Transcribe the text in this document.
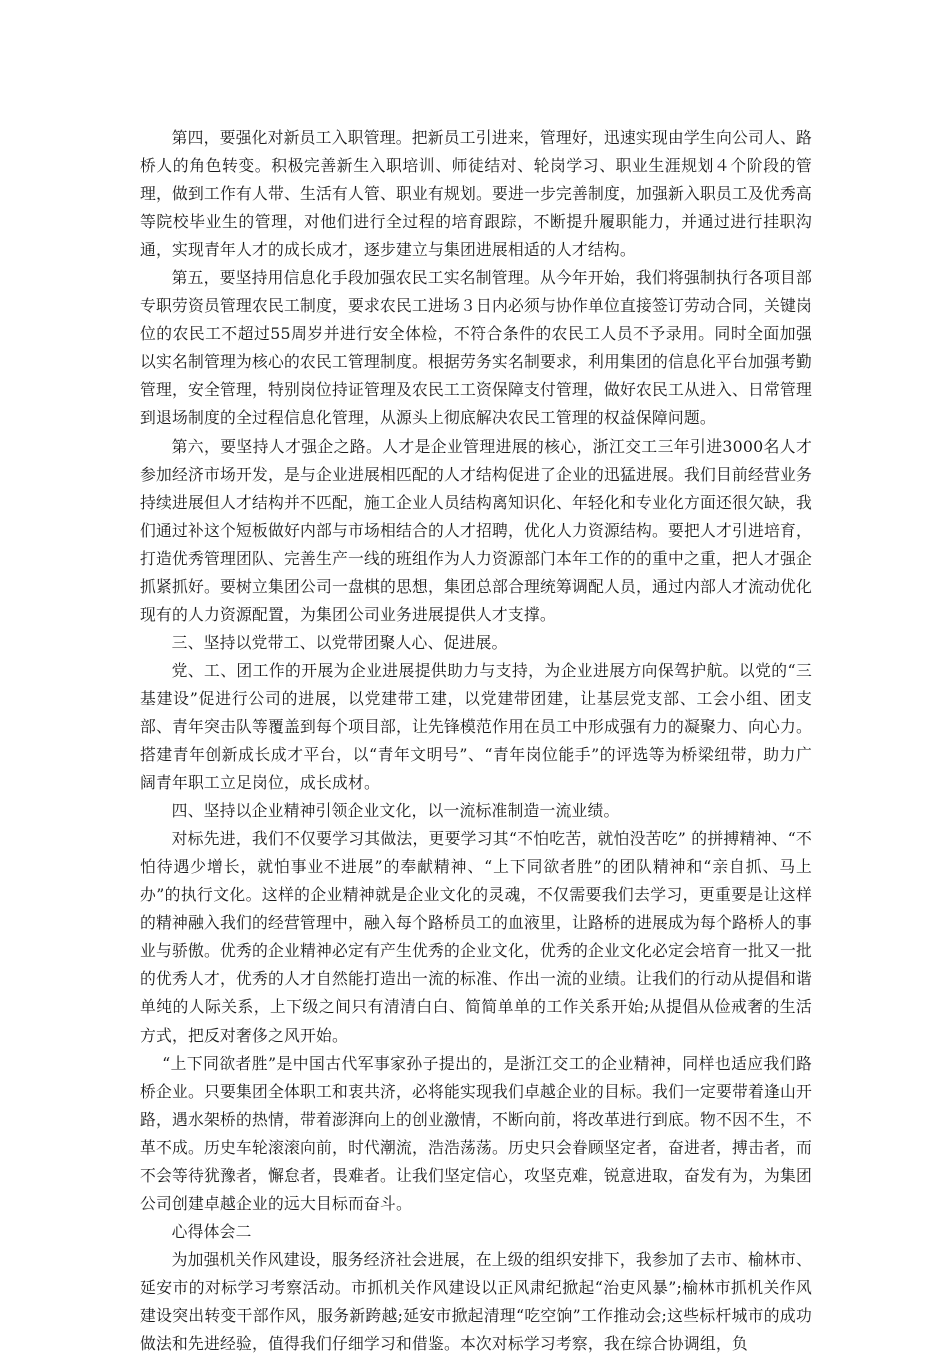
第四，要强化对新员工入职管理。把新员工引进来，管理好，迅速实现由学生向公司人、路桥人的角色转变。积极完善新生入职培训、师徒结对、轮岗学习、职业生涯规划４个阶段的管理，做到工作有人带、生活有人管、职业有规划。要进一步完善制度，加强新入职员工及优秀高等院校毕业生的管理，对他们进行全过程的培育跟踪，不断提升履职能力，并通过进行挂职沟通，实现青年人才的成长成才，逐步建立与集团进展相适的人才结构。

第五，要坚持用信息化手段加强农民工实名制管理。从今年开始，我们将强制执行各项目部专职劳资员管理农民工制度，要求农民工进场３日内必须与协作单位直接签订劳动合同，关键岗位的农民工不超过55周岁并进行安全体检，不符合条件的农民工人员不予录用。同时全面加强以实名制管理为核心的农民工管理制度。根据劳务实名制要求，利用集团的信息化平台加强考勤管理，安全管理，特别岗位持证管理及农民工工资保障支付管理，做好农民工从进入、日常管理到退场制度的全过程信息化管理，从源头上彻底解决农民工管理的权益保障问题。

第六，要坚持人才强企之路。人才是企业管理进展的核心，浙江交工三年引进3000名人才参加经济市场开发，是与企业进展相匹配的人才结构促进了企业的迅猛进展。我们目前经营业务持续进展但人才结构并不匹配，施工企业人员结构离知识化、年轻化和专业化方面还很欠缺，我们通过补这个短板做好内部与市场相结合的人才招聘，优化人力资源结构。要把人才引进培育，打造优秀管理团队、完善生产一线的班组作为人力资源部门本年工作的的重中之重，把人才强企抓紧抓好。要树立集团公司一盘棋的思想，集团总部合理统筹调配人员，通过内部人才流动优化现有的人力资源配置，为集团公司业务进展提供人才支撑。

三、坚持以党带工、以党带团聚人心、促进展。

党、工、团工作的开展为企业进展提供助力与支持，为企业进展方向保驾护航。以党的“三基建设”促进行公司的进展，以党建带工建，以党建带团建，让基层党支部、工会小组、团支部、青年突击队等覆盖到每个项目部，让先锋模范作用在员工中形成强有力的凝聚力、向心力。搭建青年创新成长成才平台，以“青年文明号”、“青年岗位能手”的评选等为桥梁纽带，助力广阔青年职工立足岗位，成长成材。

四、坚持以企业精神引领企业文化，以一流标准制造一流业绩。

对标先进，我们不仅要学习其做法，更要学习其“不怕吃苦，就怕没苦吃” 的拼搏精神、“不怕待遇少增长，就怕事业不进展”的奉献精神、“上下同欲者胜”的团队精神和“亲自抓、马上办”的执行文化。这样的企业精神就是企业文化的灵魂，不仅需要我们去学习，更重要是让这样的精神融入我们的经营管理中，融入每个路桥员工的血液里，让路桥的进展成为每个路桥人的事业与骄傲。优秀的企业精神必定有产生优秀的企业文化，优秀的企业文化必定会培育一批又一批的优秀人才，优秀的人才自然能打造出一流的标准、作出一流的业绩。让我们的行动从提倡和谐单纯的人际关系，上下级之间只有清清白白、简简单单的工作关系开始;从提倡从俭戒奢的生活方式，把反对奢侈之风开始。

“上下同欲者胜”是中国古代军事家孙子提出的，是浙江交工的企业精神，同样也适应我们路桥企业。只要集团全体职工和衷共济，必将能实现我们卓越企业的目标。我们一定要带着逢山开路，遇水架桥的热情，带着澎湃向上的创业激情，不断向前，将改革进行到底。物不因不生，不革不成。历史车轮滚滚向前，时代潮流，浩浩荡荡。历史只会眷顾坚定者，奋进者，搏击者，而不会等待犹豫者，懈怠者，畏难者。让我们坚定信心，攻坚克难，锐意进取，奋发有为，为集团公司创建卓越企业的远大目标而奋斗。

心得体会二

为加强机关作风建设，服务经济社会进展，在上级的组织安排下，我参加了去市、榆林市、延安市的对标学习考察活动。市抓机关作风建设以正风肃纪掀起“治吏风暴”;榆林市抓机关作风建设突出转变干部作风，服务新跨越;延安市掀起清理“吃空饷”工作推动会;这些标杆城市的成功做法和先进经验，值得我们仔细学习和借鉴。本次对标学习考察，我在综合协调组，负
